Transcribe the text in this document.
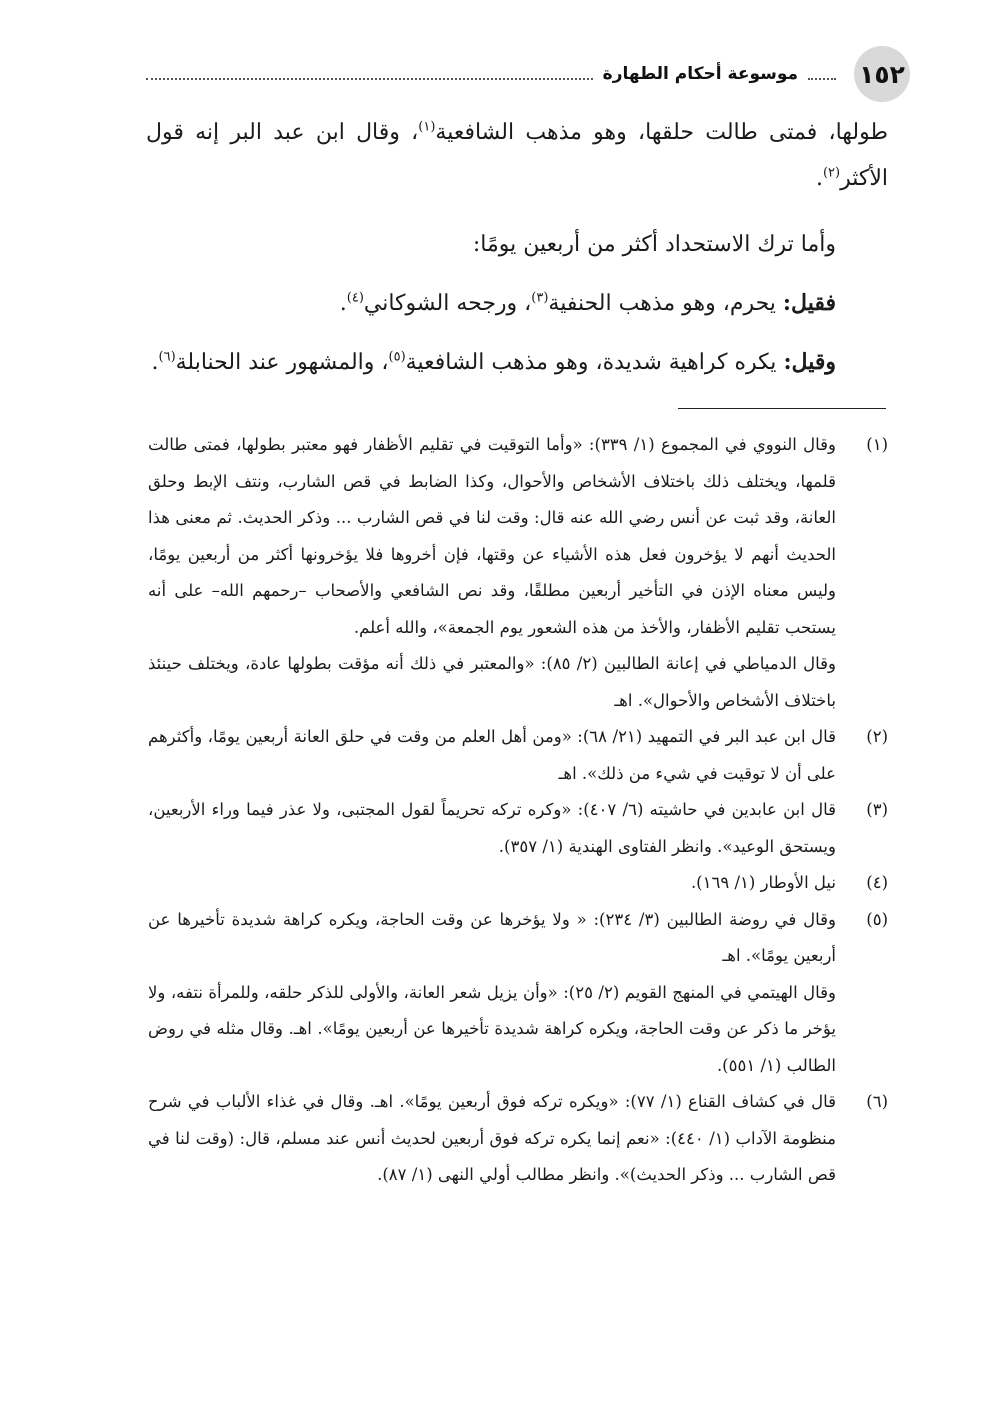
١٥٢
موسوعة أحكام الطهارة

طولها، فمتى طالت حلقها، وهو مذهب الشافعية$^{(١)}$، وقال ابن عبد البر إنه قول الأكثر$^{(٢)}$.

وأما ترك الاستحداد أكثر من أربعين يومًا:

فقيل: يحرم، وهو مذهب الحنفية$^{(٣)}$، ورجحه الشوكاني$^{(٤)}$.

وقيل: يكره كراهية شديدة، وهو مذهب الشافعية$^{(٥)}$، والمشهور عند الحنابلة$^{(٦)}$.

(١)

وقال النووي في المجموع (١/ ٣٣٩): «وأما التوقيت في تقليم الأظفار فهو معتبر بطولها، فمتى طالت قلمها، ويختلف ذلك باختلاف الأشخاص والأحوال، وكذا الضابط في قص الشارب، ونتف الإبط وحلق العانة، وقد ثبت عن أنس رضي الله عنه قال: وقت لنا في قص الشارب ... وذكر الحديث. ثم معنى هذا الحديث أنهم لا يؤخرون فعل هذه الأشياء عن وقتها، فإن أخروها فلا يؤخرونها أكثر من أربعين يومًا، وليس معناه الإذن في التأخير أربعين مطلقًا، وقد نص الشافعي والأصحاب –رحمهم الله– على أنه يستحب تقليم الأظفار، والأخذ من هذه الشعور يوم الجمعة»، والله أعلم.

وقال الدمياطي في إعانة الطالبين (٢/ ٨٥): «والمعتبر في ذلك أنه مؤقت بطولها عادة، ويختلف حينئذ باختلاف الأشخاص والأحوال». اهـ

(٢)

قال ابن عبد البر في التمهيد (٢١/ ٦٨): «ومن أهل العلم من وقت في حلق العانة أربعين يومًا، وأكثرهم على أن لا توقيت في شيء من ذلك». اهـ

(٣)

قال ابن عابدين في حاشيته (٦/ ٤٠٧): «وكره تركه تحريماً لقول المجتبى، ولا عذر فيما وراء الأربعين، ويستحق الوعيد». وانظر الفتاوى الهندية (١/ ٣٥٧).

(٤)

نيل الأوطار (١/ ١٦٩).

(٥)

وقال في روضة الطالبين (٣/ ٢٣٤): « ولا يؤخرها عن وقت الحاجة، ويكره كراهة شديدة تأخيرها عن أربعين يومًا». اهـ

وقال الهيتمي في المنهج القويم (٢/ ٢٥): «وأن يزيل شعر العانة، والأولى للذكر حلقه، وللمرأة نتفه، ولا يؤخر ما ذكر عن وقت الحاجة، ويكره كراهة شديدة تأخيرها عن أربعين يومًا». اهـ. وقال مثله في روض الطالب (١/ ٥٥١).

(٦)

قال في كشاف القناع (١/ ٧٧): «ويكره تركه فوق أربعين يومًا». اهـ. وقال في غذاء الألباب في شرح منظومة الآداب (١/ ٤٤٠): «نعم إنما يكره تركه فوق أربعين لحديث أنس عند مسلم، قال: (وقت لنا في قص الشارب ... وذكر الحديث)». وانظر مطالب أولي النهى (١/ ٨٧).
